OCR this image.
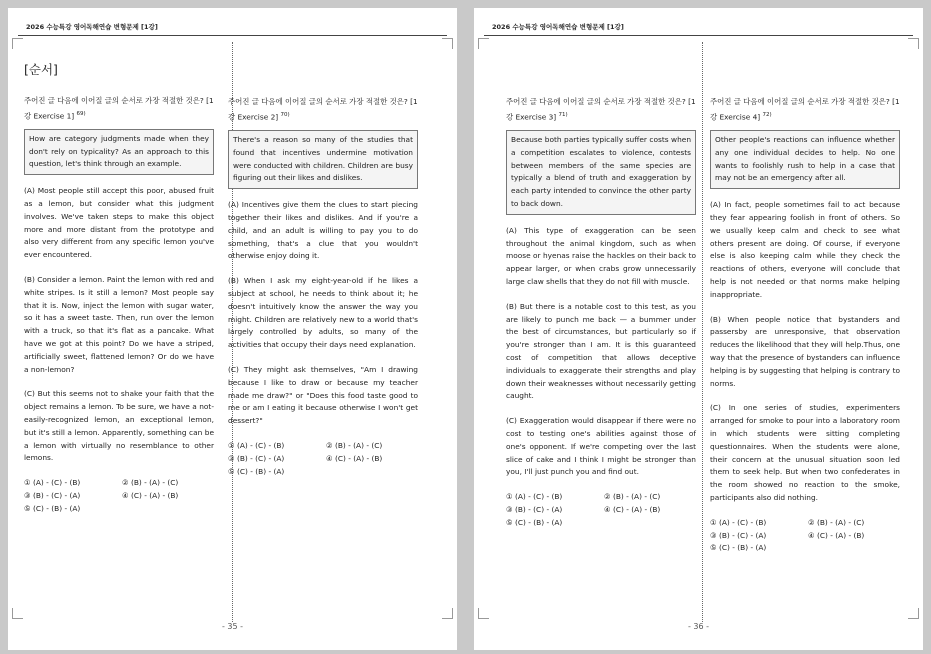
2026 수능특강 영어독해연습 변형문제 [1강]
[순서]
주어진 글 다음에 이어질 글의 순서로 가장 적절한 것은? [1강 Exercise 1] $^{69)}$
How are category judgments made when they don't rely on typicality? As an approach to this question, let's think through an example.
(A) Most people still accept this poor, abused fruit as a lemon, but consider what this judgment involves. We've taken steps to make this object more and more distant from the prototype and also very different from any specific lemon you've ever encountered.
(B) Consider a lemon. Paint the lemon with red and white stripes. Is it still a lemon? Most people say that it is. Now, inject the lemon with sugar water, so it has a sweet taste. Then, run over the lemon with a truck, so that it's flat as a pancake. What have we got at this point? Do we have a striped, artificially sweet, flattened lemon? Or do we have a non-lemon?
(C) But this seems not to shake your faith that the object remains a lemon. To be sure, we have a not-easily-recognized lemon, an exceptional lemon, but it's still a lemon. Apparently, something can be a lemon with virtually no resemblance to other lemons.
① (A) - (C) - (B)	② (B) - (A) - (C)
③ (B) - (C) - (A)	④ (C) - (A) - (B)
⑤ (C) - (B) - (A)
주어진 글 다음에 이어질 글의 순서로 가장 적절한 것은? [1강 Exercise 2] $^{70)}$
There's a reason so many of the studies that found that incentives undermine motivation were conducted with children. Children are busy figuring out their likes and dislikes.
(A) Incentives give them the clues to start piecing together their likes and dislikes. And if you're a child, and an adult is willing to pay you to do something, that's a clue that you wouldn't otherwise enjoy doing it.
(B) When I ask my eight-year-old if he likes a subject at school, he needs to think about it; he doesn't intuitively know the answer the way you might. Children are relatively new to a world that's largely controlled by adults, so many of the activities that occupy their days need explanation.
(C) They might ask themselves, "Am I drawing because I like to draw or because my teacher made me draw?" or "Does this food taste good to me or am I eating it because otherwise I won't get dessert?"
① (A) - (C) - (B)	② (B) - (A) - (C)
③ (B) - (C) - (A)	④ (C) - (A) - (B)
⑤ (C) - (B) - (A)
- 35 -
2026 수능특강 영어독해연습 변형문제 [1강]
주어진 글 다음에 이어질 글의 순서로 가장 적절한 것은? [1강 Exercise 3] $^{71)}$
Because both parties typically suffer costs when a competition escalates to violence, contests between members of the same species are typically a blend of truth and exaggeration by each party intended to convince the other party to back down.
(A) This type of exaggeration can be seen throughout the animal kingdom, such as when moose or hyenas raise the hackles on their back to appear larger, or when crabs grow unnecessarily large claw shells that they do not fill with muscle.
(B) But there is a notable cost to this test, as you are likely to punch me back — a bummer under the best of circumstances, but particularly so if you're stronger than I am. It is this guaranteed cost of competition that allows deceptive individuals to exaggerate their strengths and play down their weaknesses without necessarily getting caught.
(C) Exaggeration would disappear if there were no cost to testing one's abilities against those of one's opponent. If we're competing over the last slice of cake and I think I might be stronger than you, I'll just punch you and find out.
① (A) - (C) - (B)	② (B) - (A) - (C)
③ (B) - (C) - (A)	④ (C) - (A) - (B)
⑤ (C) - (B) - (A)
주어진 글 다음에 이어질 글의 순서로 가장 적절한 것은? [1강 Exercise 4] $^{72)}$
Other people's reactions can influence whether any one individual decides to help. No one wants to foolishly rush to help in a case that may not be an emergency after all.
(A) In fact, people sometimes fail to act because they fear appearing foolish in front of others. So we usually keep calm and check to see what others present are doing. Of course, if everyone else is also keeping calm while they check the reactions of others, everyone will conclude that help is not needed or that norms make helping inappropriate.
(B) When people notice that bystanders and passersby are unresponsive, that observation reduces the likelihood that they will help.Thus, one way that the presence of bystanders can influence helping is by suggesting that helping is contrary to norms.
(C) In one series of studies, experimenters arranged for smoke to pour into a laboratory room in which students were sitting completing questionnaires. When the students were alone, their concern at the unusual situation soon led them to seek help. But when two confederates in the room showed no reaction to the smoke, participants also did nothing.
① (A) - (C) - (B)	② (B) - (A) - (C)
③ (B) - (C) - (A)	④ (C) - (A) - (B)
⑤ (C) - (B) - (A)
- 36 -
